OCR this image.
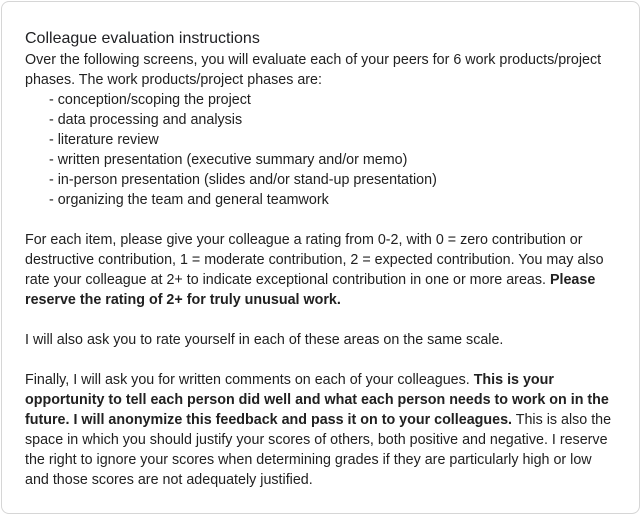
Colleague evaluation instructions

Over the following screens, you will evaluate each of your peers for 6 work products/project phases. The work products/project phases are:

- conception/scoping the project
- data processing and analysis
- literature review
- written presentation (executive summary and/or memo)
- in-person presentation (slides and/or stand-up presentation)
- organizing the team and general teamwork

For each item, please give your colleague a rating from 0-2, with 0 = zero contribution or destructive contribution, 1 = moderate contribution, 2 = expected contribution. You may also rate your colleague at 2+ to indicate exceptional contribution in one or more areas. Please reserve the rating of 2+ for truly unusual work.

I will also ask you to rate yourself in each of these areas on the same scale.

Finally, I will ask you for written comments on each of your colleagues. This is your opportunity to tell each person did well and what each person needs to work on in the future. I will anonymize this feedback and pass it on to your colleagues. This is also the space in which you should justify your scores of others, both positive and negative. I reserve the right to ignore your scores when determining grades if they are particularly high or low and those scores are not adequately justified.
